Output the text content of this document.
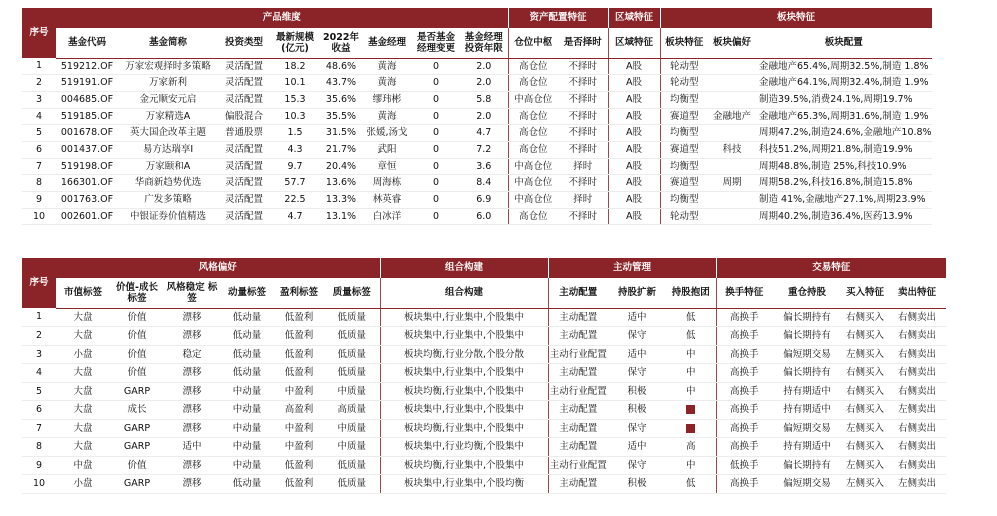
序号	产品维度								资产配置特征		区域特征	板块特征		
	基金代码	基金简称	投资类型	最新规模 (亿元)	2022年 收益	基金经理	是否基金 经理变更	基金经理 投资年限	仓位中枢	是否择时	区域特征	板块特征	板块偏好	板块配置
1	519212.OF	万家宏观择时多策略	灵活配置	18.2	48.6%	黄海	0	2.0	高仓位	不择时	A股	轮动型		金融地产65.4%,周期32.5%,制造 1.8%
2	519191.OF	万家新利	灵活配置	10.1	43.7%	黄海	0	2.0	高仓位	不择时	A股	轮动型		金融地产64.1%,周期32.4%,制造 1.9%
3	004685.OF	金元顺安元启	灵活配置	15.3	35.6%	缪玮彬	0	5.8	中高仓位	不择时	A股	均衡型		制造39.5%,消费24.1%,周期19.7%
4	519185.OF	万家精选A	偏股混合	10.3	35.5%	黄海	0	2.0	高仓位	不择时	A股	赛道型	金融地产	金融地产65.3%,周期31.6%,制造 1.9%
5	001678.OF	英大国企改革主题	普通股票	1.5	31.5%	张媛,汤戈	0	4.7	高仓位	不择时	A股	均衡型		周期47.2%,制造24.6%,金融地产10.8%
6	001437.OF	易方达瑞享I	灵活配置	4.3	21.7%	武阳	0	7.2	高仓位	不择时	A股	赛道型	科技	科技51.2%,周期21.8%,制造19.9%
7	519198.OF	万家颐和A	灵活配置	9.7	20.4%	章恒	0	3.6	中高仓位	择时	A股	均衡型		周期48.8%,制造 25%,科技10.9%
8	166301.OF	华商新趋势优选	灵活配置	57.7	13.6%	周海栋	0	8.4	中高仓位	不择时	A股	赛道型	周期	周期58.2%,科技16.8%,制造15.8%
9	001763.OF	广发多策略	灵活配置	22.5	13.3%	林英睿	0	6.9	中高仓位	择时	A股	均衡型		制造 41%,金融地产27.1%,周期23.9%
10	002601.OF	中银证券价值精选	灵活配置	4.7	13.1%	白冰洋	0	6.0	高仓位	不择时	A股	轮动型		周期40.2%,制造36.4%,医药13.9%
序号	风格偏好						组合构建	主动管理			交易特征			
	市值标签	价值-成长 标签	风格稳定 标签	动量标签	盈利标签	质量标签	组合构建	主动配置	持股扩新	持股抱团	换手特征	重仓持股	买入特征	卖出特征
1	大盘	价值	漂移	低动量	低盈利	低质量	板块集中,行业集中,个股集中	主动配置	适中	低	高换手	偏长期持有	右侧买入	右侧卖出
2	大盘	价值	漂移	低动量	低盈利	低质量	板块集中,行业集中,个股集中	主动配置	保守	低	高换手	偏长期持有	右侧买入	右侧卖出
3	小盘	价值	稳定	低动量	低盈利	低质量	板块均衡,行业分散,个股分散	主动行业配置	适中	中	高换手	偏短期交易	左侧买入	右侧卖出
4	大盘	价值	漂移	低动量	低盈利	低质量	板块集中,行业集中,个股集中	主动配置	保守	中	高换手	偏长期持有	右侧买入	右侧卖出
5	大盘	GARP	漂移	中动量	中盈利	中质量	板块均衡,行业集中,个股集中	主动行业配置	积极	中	高换手	持有期适中	右侧买入	右侧卖出
6	大盘	成长	漂移	中动量	高盈利	高质量	板块集中,行业集中,个股集中	主动配置	积极		高换手	持有期适中	右侧买入	左侧卖出
7	大盘	GARP	漂移	中动量	中盈利	中质量	板块均衡,行业集中,个股集中	主动配置	保守		高换手	偏短期交易	左侧买入	右侧卖出
8	大盘	GARP	适中	中动量	中盈利	中质量	板块集中,行业均衡,个股集中	主动配置	适中	高	高换手	持有期适中	右侧买入	右侧卖出
9	中盘	价值	漂移	中动量	低盈利	低质量	板块均衡,行业集中,个股集中	主动行业配置	保守	中	低换手	偏长期持有	左侧买入	右侧卖出
10	小盘	GARP	漂移	低动量	低盈利	低质量	板块集中,行业集中,个股均衡	主动配置	积极	低	高换手	偏短期交易	左侧买入	左侧卖出
